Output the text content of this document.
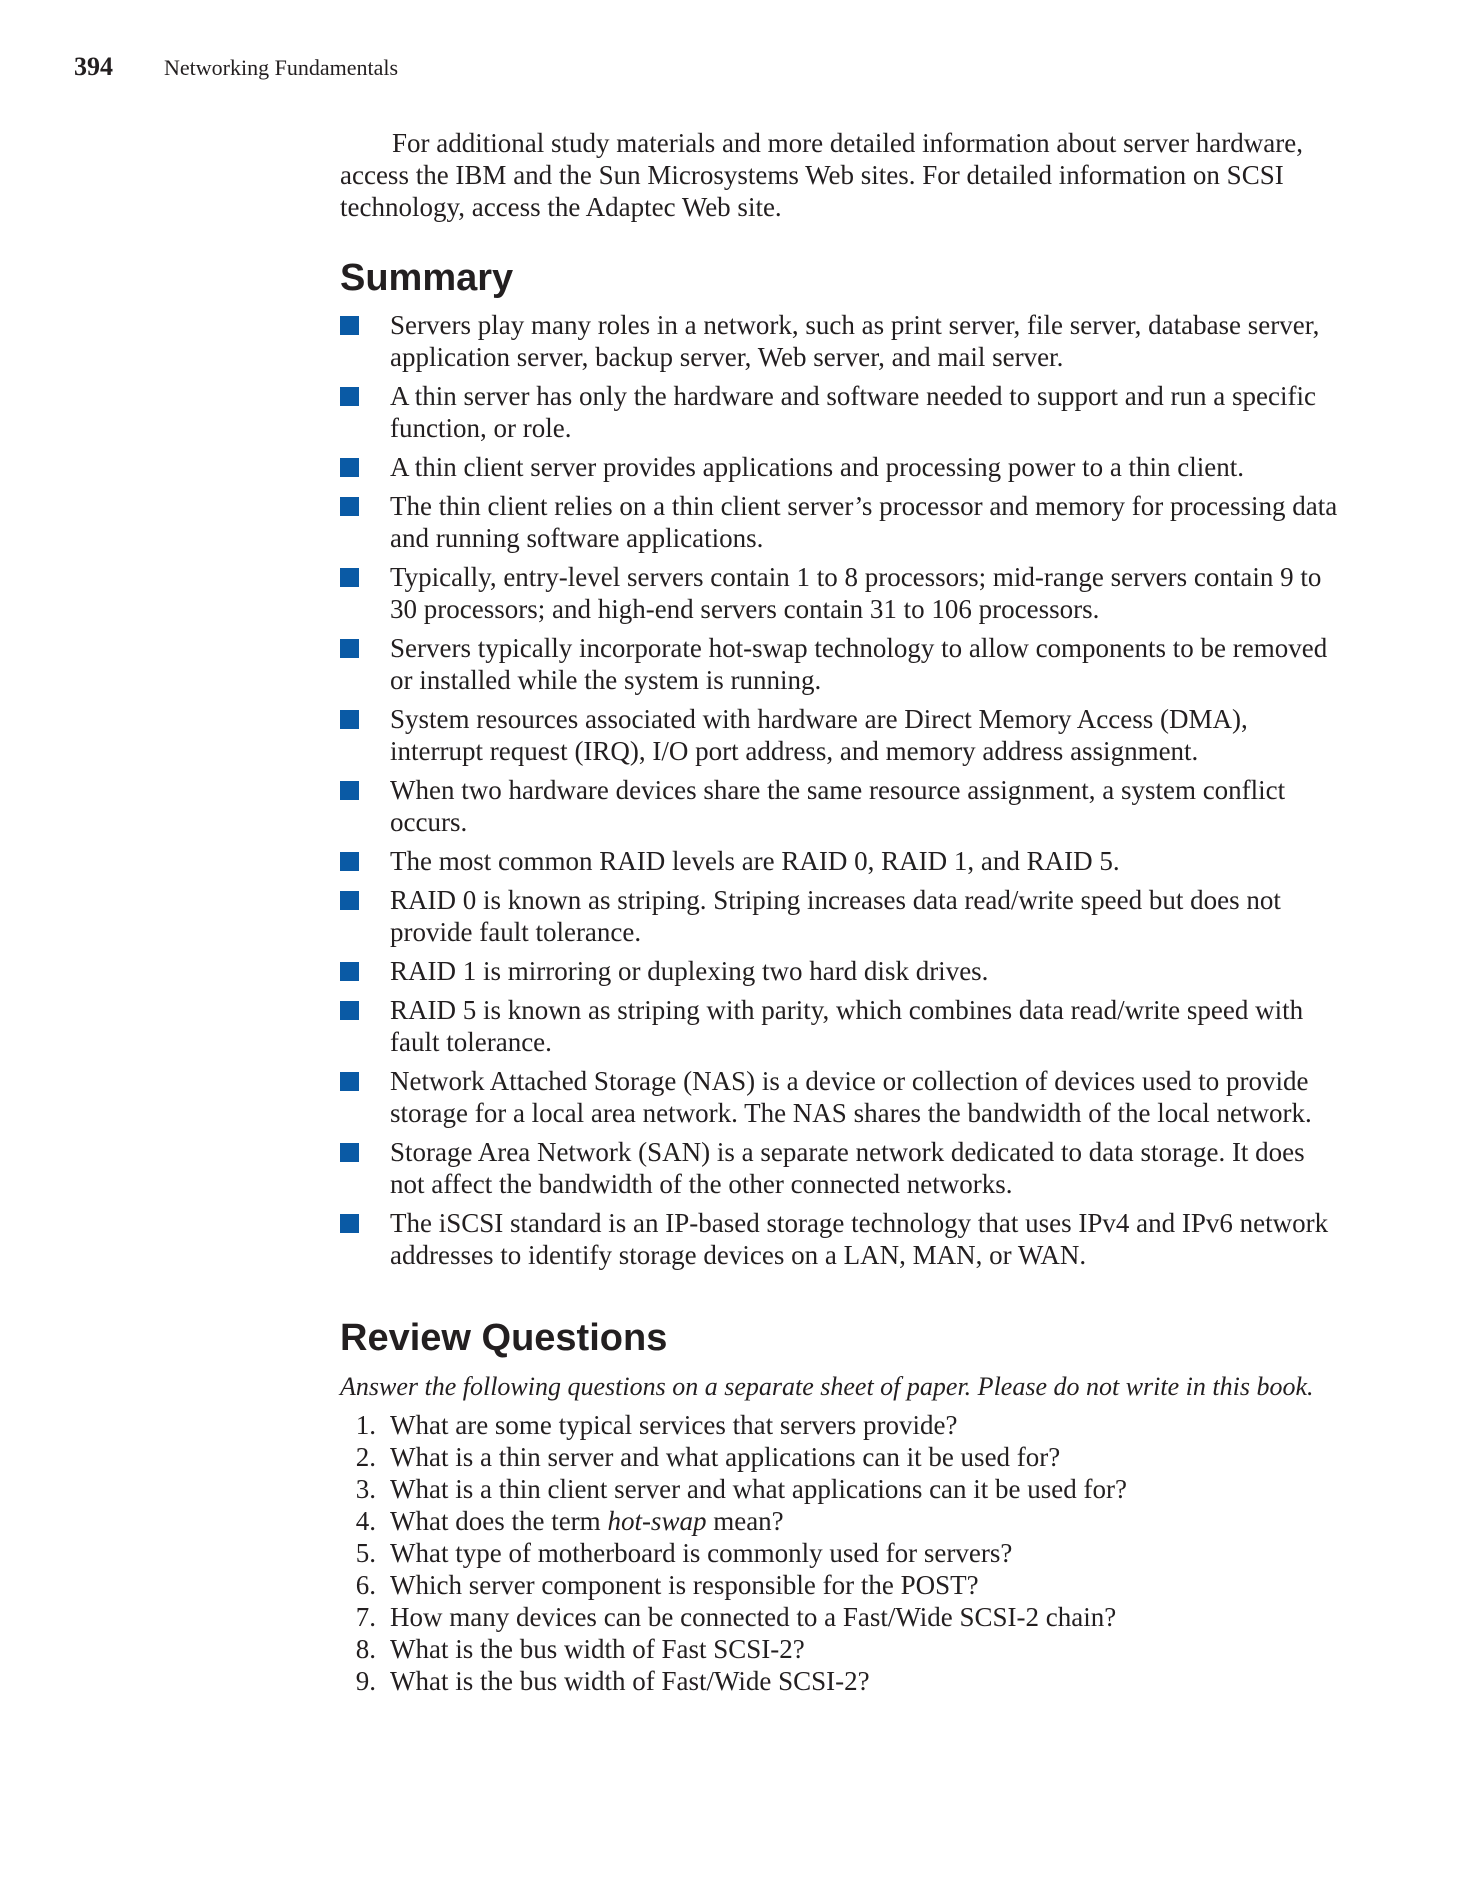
394	Networking Fundamentals

For additional study materials and more detailed information about server hardware, access the IBM and the Sun Microsystems Web sites. For detailed information on SCSI technology, access the Adaptec Web site.

Summary
Servers play many roles in a network, such as print server, file server, database server, application server, backup server, Web server, and mail server.
A thin server has only the hardware and software needed to support and run a specific function, or role.
A thin client server provides applications and processing power to a thin client.
The thin client relies on a thin client server’s processor and memory for processing data and running software applications.
Typically, entry-level servers contain 1 to 8 processors; mid-range servers contain 9 to 30 processors; and high-end servers contain 31 to 106 processors.
Servers typically incorporate hot-swap technology to allow components to be removed or installed while the system is running.
System resources associated with hardware are Direct Memory Access (DMA), interrupt request (IRQ), I/O port address, and memory address assignment.
When two hardware devices share the same resource assignment, a system conflict occurs.
The most common RAID levels are RAID 0, RAID 1, and RAID 5.
RAID 0 is known as striping. Striping increases data read/write speed but does not provide fault tolerance.
RAID 1 is mirroring or duplexing two hard disk drives.
RAID 5 is known as striping with parity, which combines data read/write speed with fault tolerance.
Network Attached Storage (NAS) is a device or collection of devices used to provide storage for a local area network. The NAS shares the bandwidth of the local network.
Storage Area Network (SAN) is a separate network dedicated to data storage. It does not affect the bandwidth of the other connected networks.
The iSCSI standard is an IP-based storage technology that uses IPv4 and IPv6 network addresses to identify storage devices on a LAN, MAN, or WAN.
Review Questions

Answer the following questions on a separate sheet of paper. Please do not write in this book.

1. What are some typical services that servers provide?
2. What is a thin server and what applications can it be used for?
3. What is a thin client server and what applications can it be used for?
4. What does the term hot-swap mean?
5. What type of motherboard is commonly used for servers?
6. Which server component is responsible for the POST?
7. How many devices can be connected to a Fast/Wide SCSI-2 chain?
8. What is the bus width of Fast SCSI-2?
9. What is the bus width of Fast/Wide SCSI-2?
